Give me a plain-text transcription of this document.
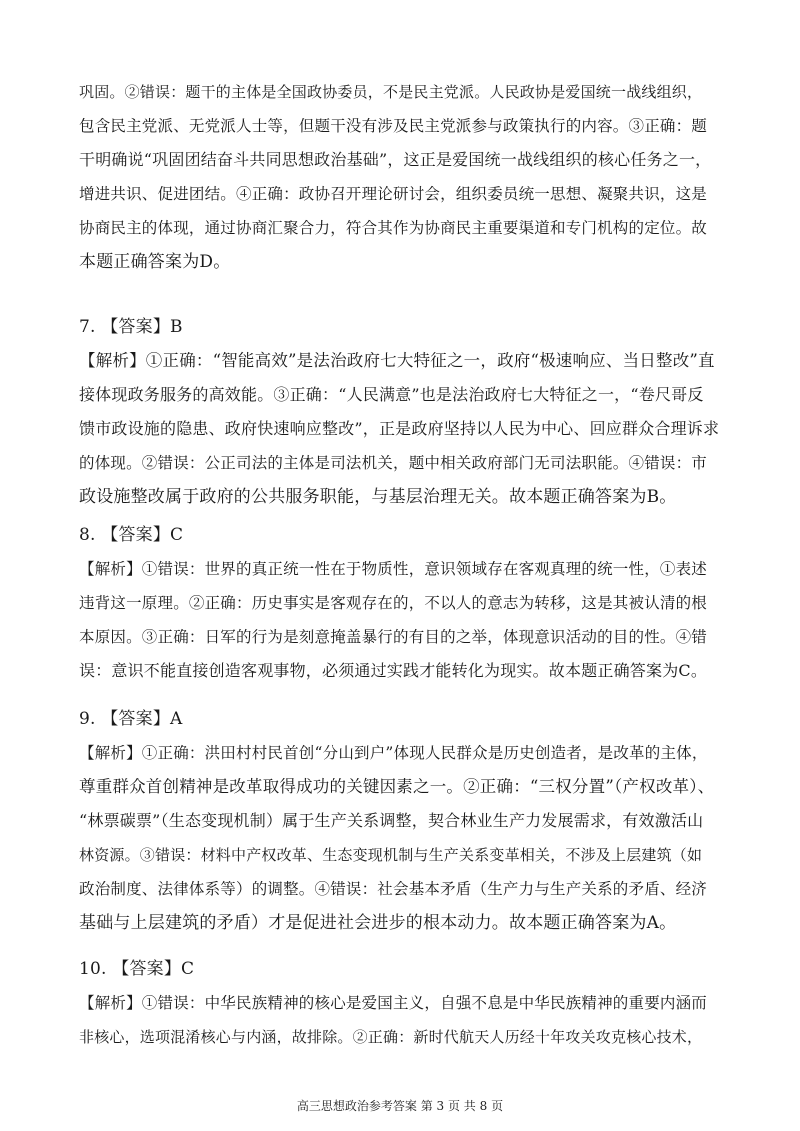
巩固。②错误：题干的主体是全国政协委员，不是民主党派。人民政协是爱国统一战线组织，
包含民主党派、无党派人士等，但题干没有涉及民主党派参与政策执行的内容。③正确：题
干明确说“巩固团结奋斗共同思想政治基础”，这正是爱国统一战线组织的核心任务之一，
增进共识、促进团结。④正确：政协召开理论研讨会，组织委员统一思想、凝聚共识，这是
协商民主的体现，通过协商汇聚合力，符合其作为协商民主重要渠道和专门机构的定位。故
本题正确答案为D。
7. 【答案】B
【解析】①正确：“智能高效”是法治政府七大特征之一，政府“极速响应、当日整改”直
接体现政务服务的高效能。③正确：“人民满意”也是法治政府七大特征之一，“卷尺哥反
馈市政设施的隐患、政府快速响应整改”，正是政府坚持以人民为中心、回应群众合理诉求
的体现。②错误：公正司法的主体是司法机关，题中相关政府部门无司法职能。④错误：市
政设施整改属于政府的公共服务职能，与基层治理无关。故本题正确答案为B。
8. 【答案】C
【解析】①错误：世界的真正统一性在于物质性，意识领域存在客观真理的统一性，①表述
违背这一原理。②正确：历史事实是客观存在的，不以人的意志为转移，这是其被认清的根
本原因。③正确：日军的行为是刻意掩盖暴行的有目的之举，体现意识活动的目的性。④错
误：意识不能直接创造客观事物，必须通过实践才能转化为现实。故本题正确答案为C。
9. 【答案】A
【解析】①正确：洪田村村民首创“分山到户”体现人民群众是历史创造者，是改革的主体，
尊重群众首创精神是改革取得成功的关键因素之一。②正确：“三权分置”（产权改革）、
“林票碳票”（生态变现机制）属于生产关系调整，契合林业生产力发展需求，有效激活山
林资源。③错误：材料中产权改革、生态变现机制与生产关系变革相关，不涉及上层建筑（如
政治制度、法律体系等）的调整。④错误：社会基本矛盾（生产力与生产关系的矛盾、经济
基础与上层建筑的矛盾）才是促进社会进步的根本动力。故本题正确答案为A。
10. 【答案】C
【解析】①错误：中华民族精神的核心是爱国主义，自强不息是中华民族精神的重要内涵而
非核心，选项混淆核心与内涵，故排除。②正确：新时代航天人历经十年攻关攻克核心技术，
高三思想政治参考答案 第 3 页 共 8 页
